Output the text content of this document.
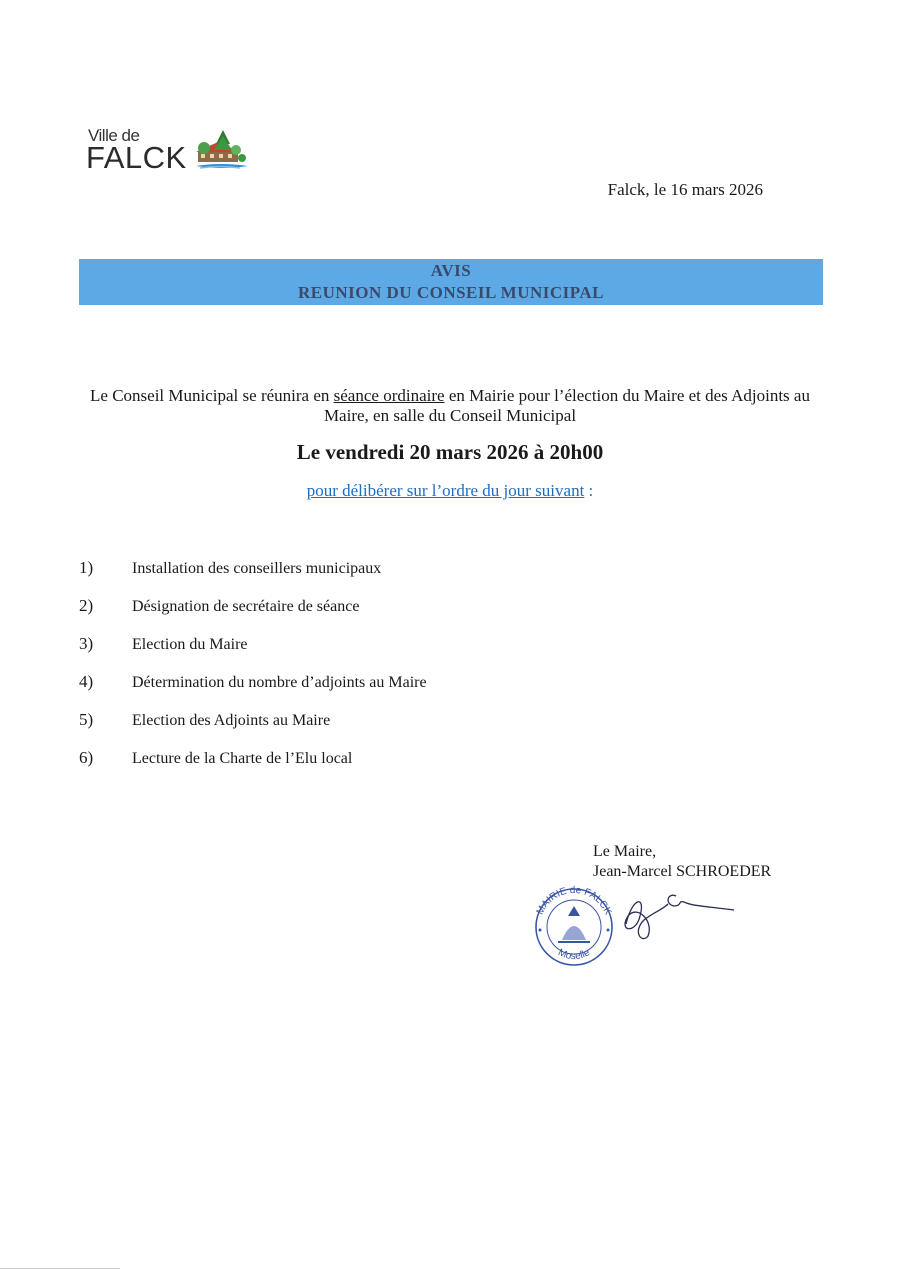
Ville de
FALCK
Falck, le 16 mars 2026
AVIS
REUNION DU CONSEIL MUNICIPAL
Le Conseil Municipal se réunira en séance ordinaire en Mairie pour l’élection du Maire et des Adjoints au Maire, en salle du Conseil Municipal
Le vendredi 20 mars 2026 à 20h00
pour délibérer sur l’ordre du jour suivant :
1) Installation des conseillers municipaux
2) Désignation de secrétaire de séance
3) Election du Maire
4) Détermination du nombre d’adjoints au Maire
5) Election des Adjoints au Maire
6) Lecture de la Charte de l’Elu local
Le Maire,
Jean-Marcel SCHROEDER
MAIRIE de FALCK
Moselle
